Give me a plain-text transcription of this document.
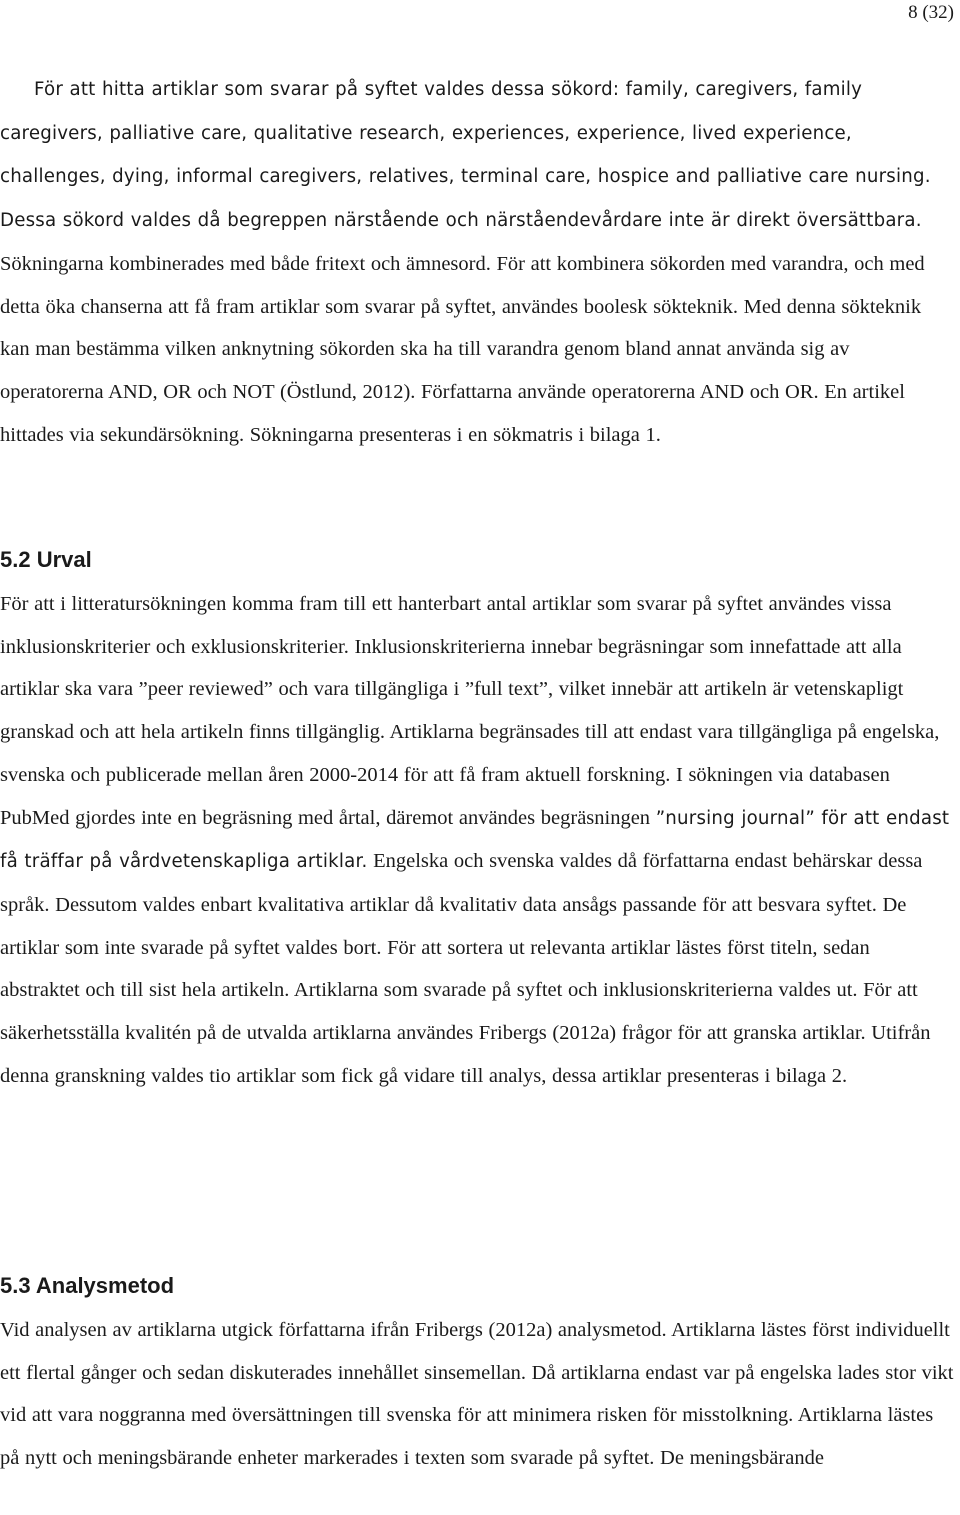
8 (32)

För att hitta artiklar som svarar på syftet valdes dessa sökord: family, caregivers, family caregivers, palliative care, qualitative research, experiences, experience, lived experience, challenges, dying, informal caregivers, relatives, terminal care, hospice and palliative care nursing. Dessa sökord valdes då begreppen närstående och närståendevårdare inte är direkt översättbara. Sökningarna kombinerades med både fritext och ämnesord. För att kombinera sökorden med varandra, och med detta öka chanserna att få fram artiklar som svarar på syftet, användes boolesk sökteknik. Med denna sökteknik kan man bestämma vilken anknytning sökorden ska ha till varandra genom bland annat använda sig av operatorerna AND, OR och NOT (Östlund, 2012). Författarna använde operatorerna AND och OR. En artikel hittades via sekundärsökning. Sökningarna presenteras i en sökmatris i bilaga 1.

5.2 Urval

För att i litteratursökningen komma fram till ett hanterbart antal artiklar som svarar på syftet användes vissa inklusionskriterier och exklusionskriterier. Inklusionskriterierna innebar begräsningar som innefattade att alla artiklar ska vara ”peer reviewed” och vara tillgängliga i ”full text”, vilket innebär att artikeln är vetenskapligt granskad och att hela artikeln finns tillgänglig. Artiklarna begränsades till att endast vara tillgängliga på engelska, svenska och publicerade mellan åren 2000-2014 för att få fram aktuell forskning. I sökningen via databasen PubMed gjordes inte en begräsning med årtal, däremot användes begräsningen ”nursing journal” för att endast få träffar på vårdvetenskapliga artiklar. Engelska och svenska valdes då författarna endast behärskar dessa språk. Dessutom valdes enbart kvalitativa artiklar då kvalitativ data ansågs passande för att besvara syftet. De artiklar som inte svarade på syftet valdes bort. För att sortera ut relevanta artiklar lästes först titeln, sedan abstraktet och till sist hela artikeln. Artiklarna som svarade på syftet och inklusionskriterierna valdes ut. För att säkerhetsställa kvalitén på de utvalda artiklarna användes Fribergs (2012a) frågor för att granska artiklar. Utifrån denna granskning valdes tio artiklar som fick gå vidare till analys, dessa artiklar presenteras i bilaga 2.

5.3 Analysmetod

Vid analysen av artiklarna utgick författarna ifrån Fribergs (2012a) analysmetod. Artiklarna lästes först individuellt ett flertal gånger och sedan diskuterades innehållet sinsemellan. Då artiklarna endast var på engelska lades stor vikt vid att vara noggranna med översättningen till svenska för att minimera risken för misstolkning. Artiklarna lästes på nytt och meningsbärande enheter markerades i texten som svarade på syftet. De meningsbärande
